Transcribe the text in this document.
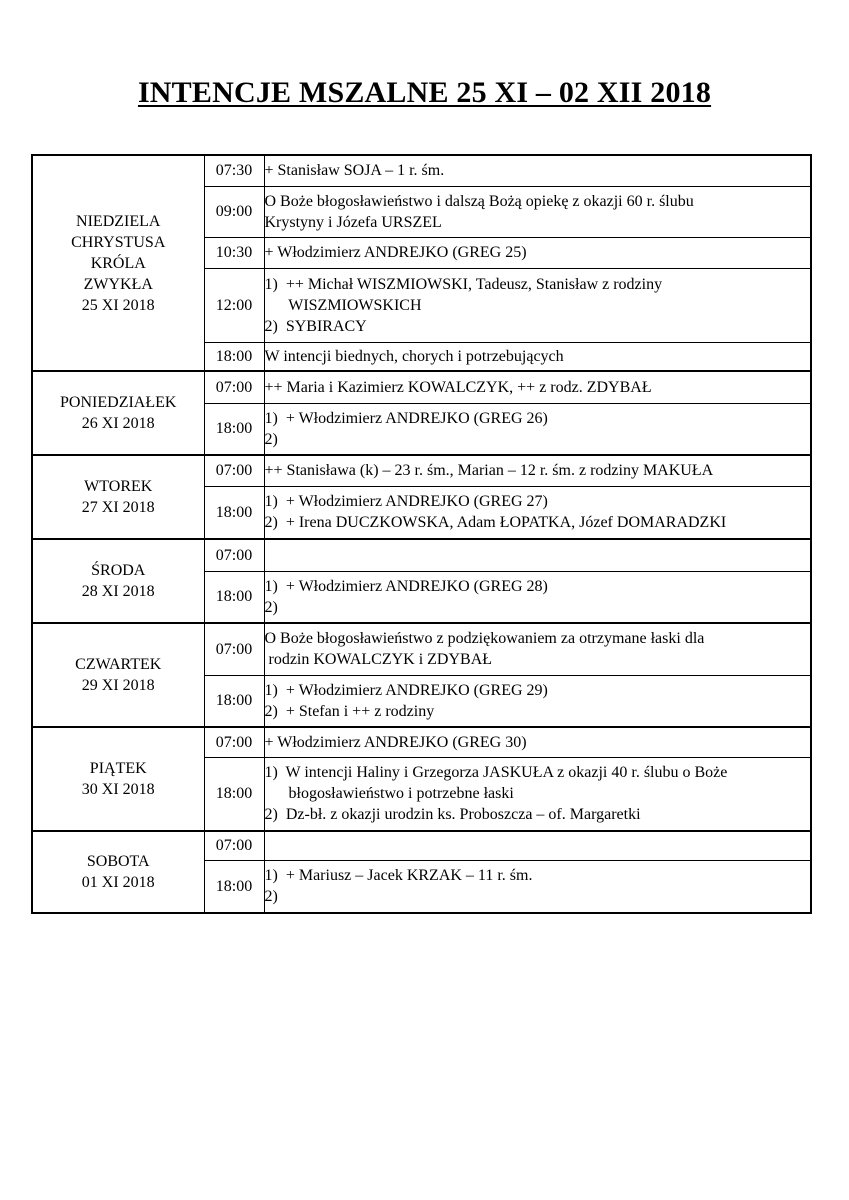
INTENCJE MSZALNE 25 XI – 02 XII 2018
NIEDZIELA
CHRYSTUSA
KRÓLA
ZWYKŁA
25 XI 2018	07:30	+ Stanisław SOJA – 1 r. śm.

	09:00	O Boże błogosławieństwo i dalszą Bożą opiekę z okazji 60 r. ślubu
Krystyny i Józefa URSZEL

	10:30	+ Włodzimierz ANDREJKO (GREG 25)

	12:00	1)  ++ Michał WISZMIOWSKI, Tadeusz, Stanisław z rodziny
WISZMIOWSKICH
2)  SYBIRACY

	18:00	W intencji biednych, chorych i potrzebujących

PONIEDZIAŁEK
26 XI 2018	07:00	++ Maria i Kazimierz KOWALCZYK, ++ z rodz. ZDYBAŁ

	18:00	1)  + Włodzimierz ANDREJKO (GREG 26)
2)

WTOREK
27 XI 2018	07:00	++ Stanisława (k) – 23 r. śm., Marian – 12 r. śm. z rodziny MAKUŁA

	18:00	1)  + Włodzimierz ANDREJKO (GREG 27)
2)  + Irena DUCZKOWSKA, Adam ŁOPATKA, Józef DOMARADZKI

ŚRODA
28 XI 2018	07:00	

	18:00	1)  + Włodzimierz ANDREJKO (GREG 28)
2)

CZWARTEK
29 XI 2018	07:00	O Boże błogosławieństwo z podziękowaniem za otrzymane łaski dla
rodzin KOWALCZYK i ZDYBAŁ

	18:00	1)  + Włodzimierz ANDREJKO (GREG 29)
2)  + Stefan i ++ z rodziny

PIĄTEK
30 XI 2018	07:00	+ Włodzimierz ANDREJKO (GREG 30)

	18:00	1)  W intencji Haliny i Grzegorza JASKUŁA z okazji 40 r. ślubu o Boże
błogosławieństwo i potrzebne łaski
2)  Dz-bł. z okazji urodzin ks. Proboszcza – of. Margaretki

SOBOTA
01 XI 2018	07:00	

	18:00	1)  + Mariusz – Jacek KRZAK – 11 r. śm.
2)
